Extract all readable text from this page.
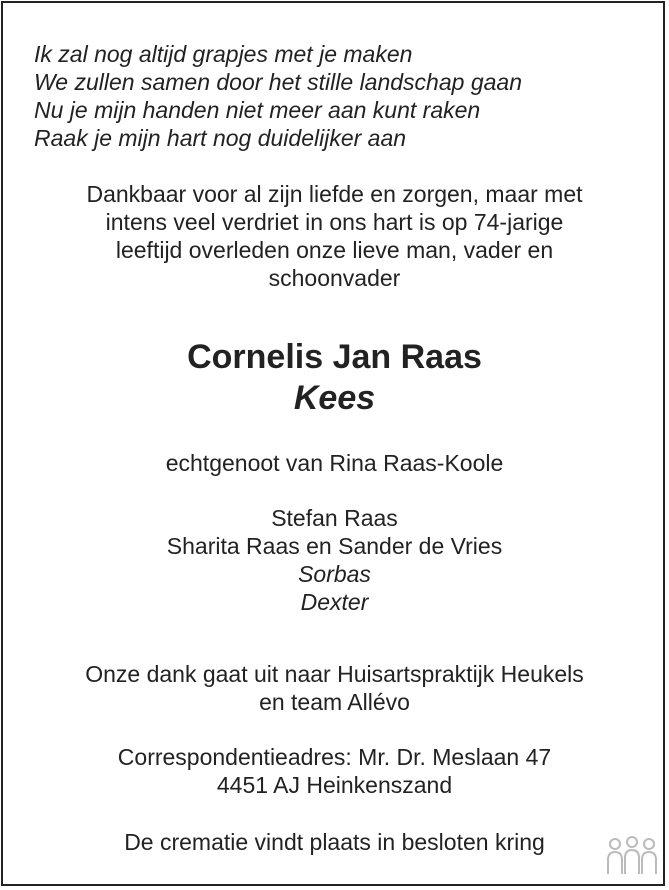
Ik zal nog altijd grapjes met je maken
We zullen samen door het stille landschap gaan
Nu je mijn handen niet meer aan kunt raken
Raak je mijn hart nog duidelijker aan
Dankbaar voor al zijn liefde en zorgen, maar met
intens veel verdriet in ons hart is op 74-jarige
leeftijd overleden onze lieve man, vader en
schoonvader
Cornelis Jan Raas
Kees
echtgenoot van Rina Raas-Koole
Stefan Raas
Sharita Raas en Sander de Vries
Sorbas
Dexter
Onze dank gaat uit naar Huisartspraktijk Heukels
en team Allévo
Correspondentieadres: Mr. Dr. Meslaan 47
4451 AJ Heinkenszand
De crematie vindt plaats in besloten kring
